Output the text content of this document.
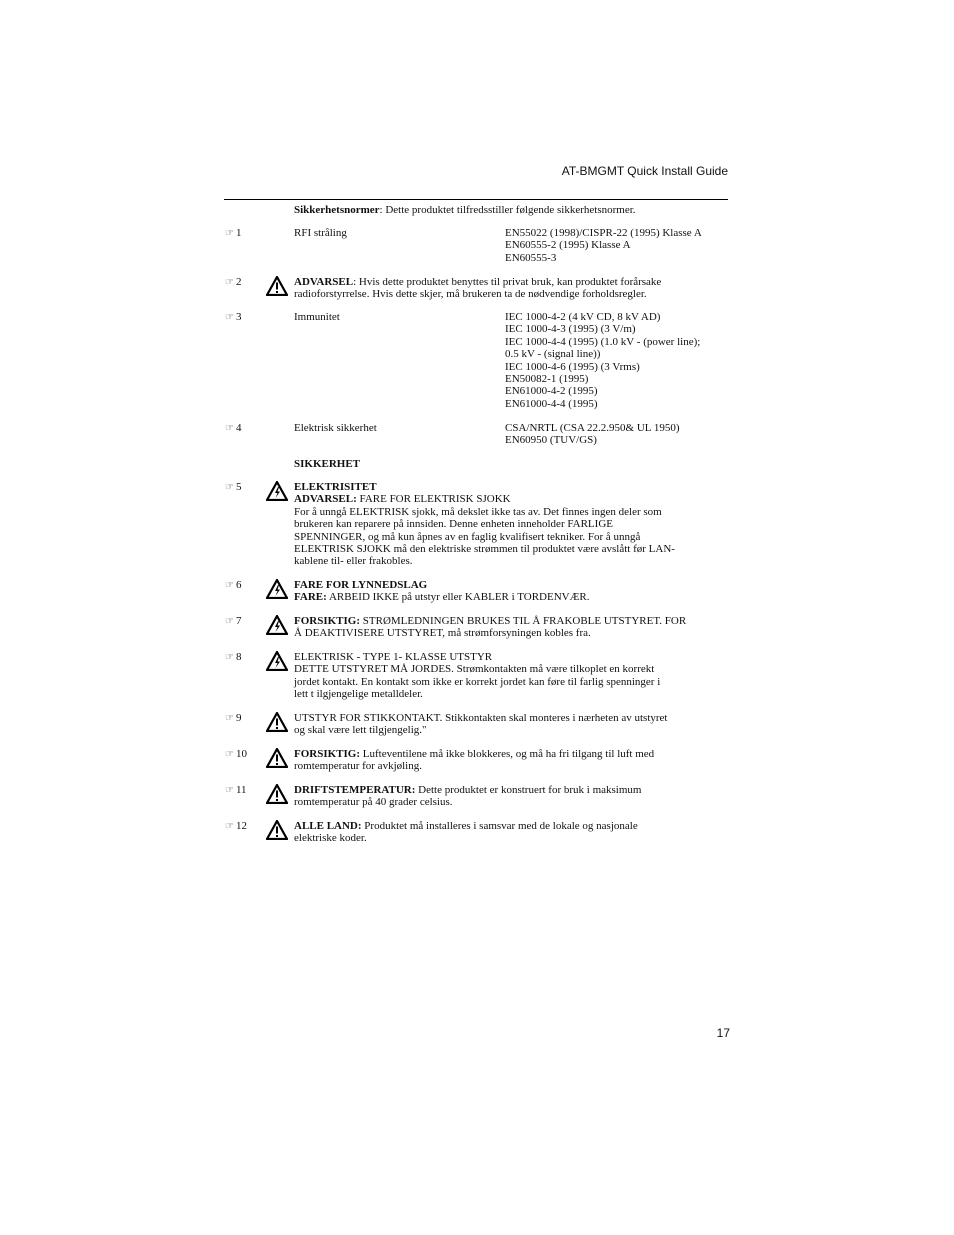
AT-BMGMT Quick Install Guide
Sikkerhetsnormer: Dette produktet tilfredsstiller følgende sikkerhetsnormer.
☞ 1	RFI stråling	EN55022 (1998)/CISPR-22 (1995) Klasse A
EN60555-2 (1995) Klasse A
EN60555-3
☞ 2	ADVARSEL: Hvis dette produktet benyttes til privat bruk, kan produktet forårsake
radioforstyrrelse. Hvis dette skjer, må brukeren ta de nødvendige forholdsregler.
☞ 3	Immunitet	IEC 1000-4-2 (4 kV CD, 8 kV AD)
IEC 1000-4-3 (1995) (3 V/m)
IEC 1000-4-4 (1995) (1.0 kV - (power line);
0.5 kV - (signal line))
IEC 1000-4-6 (1995) (3 Vrms)
EN50082-1 (1995)
EN61000-4-2 (1995)
EN61000-4-4 (1995)
☞ 4	Elektrisk sikkerhet	CSA/NRTL (CSA 22.2.950& UL 1950)
EN60950 (TUV/GS)
SIKKERHET
☞ 5	ELEKTRISITET
ADVARSEL: FARE FOR ELEKTRISK SJOKK
For å unngå ELEKTRISK sjokk, må dekslet ikke tas av. Det finnes ingen deler som
brukeren kan reparere på innsiden. Denne enheten inneholder FARLIGE
SPENNINGER, og må kun åpnes av en faglig kvalifisert tekniker. For å unngå
ELEKTRISK SJOKK må den elektriske strømmen til produktet være avslått før LAN-
kablene til- eller frakobles.
☞ 6	FARE FOR LYNNEDSLAG
FARE: ARBEID IKKE på utstyr eller KABLER i TORDENVÆR.
☞ 7	FORSIKTIG: STRØMLEDNINGEN BRUKES TIL Å FRAKOBLE UTSTYRET. FOR
Å DEAKTIVISERE UTSTYRET, må strømforsyningen kobles fra.
☞ 8	ELEKTRISK - TYPE 1- KLASSE UTSTYR
DETTE UTSTYRET MÅ JORDES. Strømkontakten må være tilkoplet en korrekt
jordet kontakt. En kontakt som ikke er korrekt jordet kan føre til farlig spenninger i
lett t ilgjengelige metalldeler.
☞ 9	UTSTYR FOR STIKKONTAKT. Stikkontakten skal monteres i nærheten av utstyret
og skal være lett tilgjengelig."
☞ 10	FORSIKTIG: Lufteventilene må ikke blokkeres, og må ha fri tilgang til luft med
romtemperatur for avkjøling.
☞ 11	DRIFTSTEMPERATUR: Dette produktet er konstruert for bruk i maksimum
romtemperatur på 40 grader celsius.
☞ 12	ALLE LAND: Produktet må installeres i samsvar med de lokale og nasjonale
elektriske koder.
17
